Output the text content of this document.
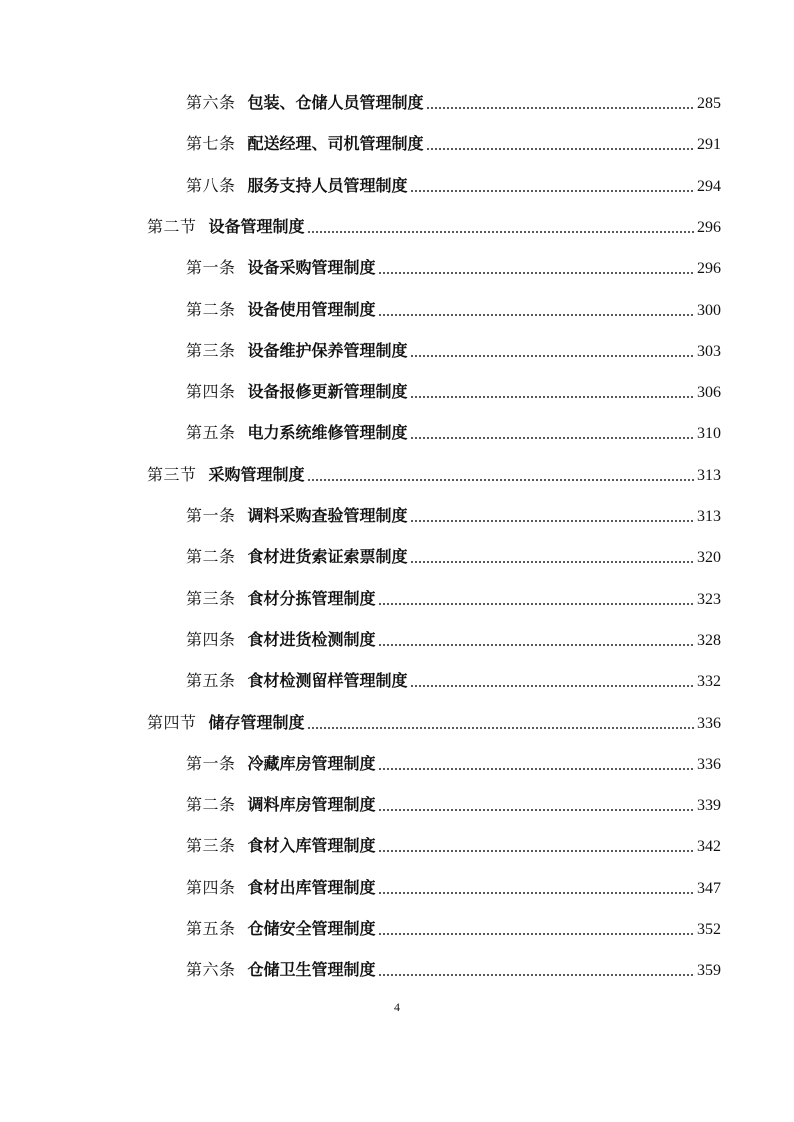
第六条 包装、仓储人员管理制度	285
第七条 配送经理、司机管理制度	291
第八条 服务支持人员管理制度	294
第二节 设备管理制度	296
第一条 设备采购管理制度	296
第二条 设备使用管理制度	300
第三条 设备维护保养管理制度	303
第四条 设备报修更新管理制度	306
第五条 电力系统维修管理制度	310
第三节 采购管理制度	313
第一条 调料采购查验管理制度	313
第二条 食材进货索证索票制度	320
第三条 食材分拣管理制度	323
第四条 食材进货检测制度	328
第五条 食材检测留样管理制度	332
第四节 储存管理制度	336
第一条 冷藏库房管理制度	336
第二条 调料库房管理制度	339
第三条 食材入库管理制度	342
第四条 食材出库管理制度	347
第五条 仓储安全管理制度	352
第六条 仓储卫生管理制度	359
4
